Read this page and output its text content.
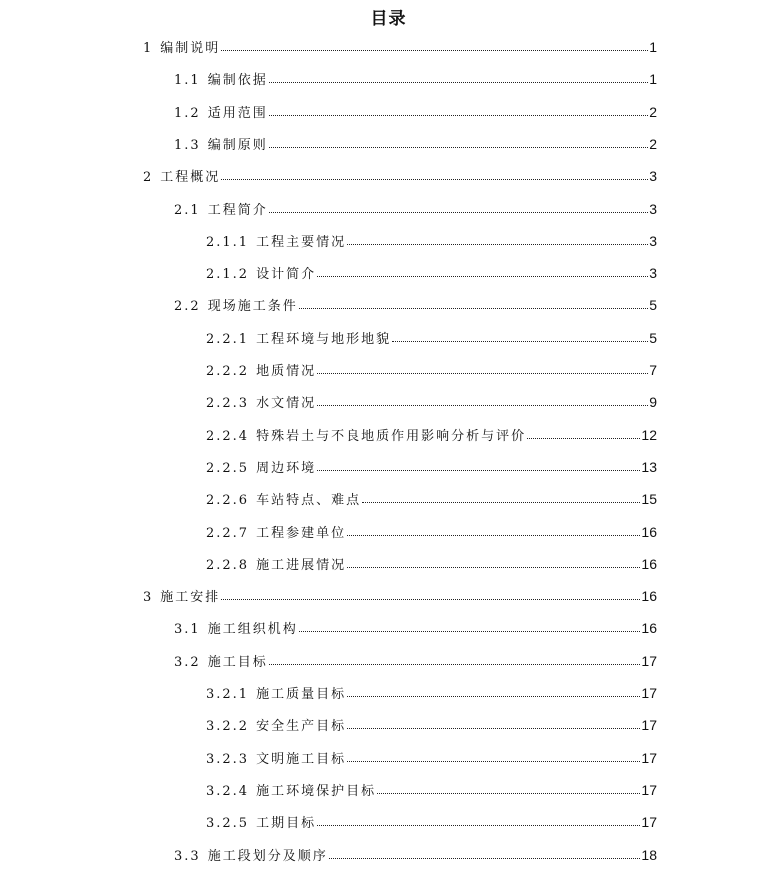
目录
1 编制说明	1
1.1 编制依据	1
1.2 适用范围	2
1.3 编制原则	2
2 工程概况	3
2.1 工程简介	3
2.1.1 工程主要情况	3
2.1.2 设计简介	3
2.2 现场施工条件	5
2.2.1 工程环境与地形地貌	5
2.2.2 地质情况	7
2.2.3 水文情况	9
2.2.4 特殊岩土与不良地质作用影响分析与评价	12
2.2.5 周边环境	13
2.2.6 车站特点、难点	15
2.2.7 工程参建单位	16
2.2.8 施工进展情况	16
3 施工安排	16
3.1 施工组织机构	16
3.2 施工目标	17
3.2.1 施工质量目标	17
3.2.2 安全生产目标	17
3.2.3 文明施工目标	17
3.2.4 施工环境保护目标	17
3.2.5 工期目标	17
3.3 施工段划分及顺序	18
